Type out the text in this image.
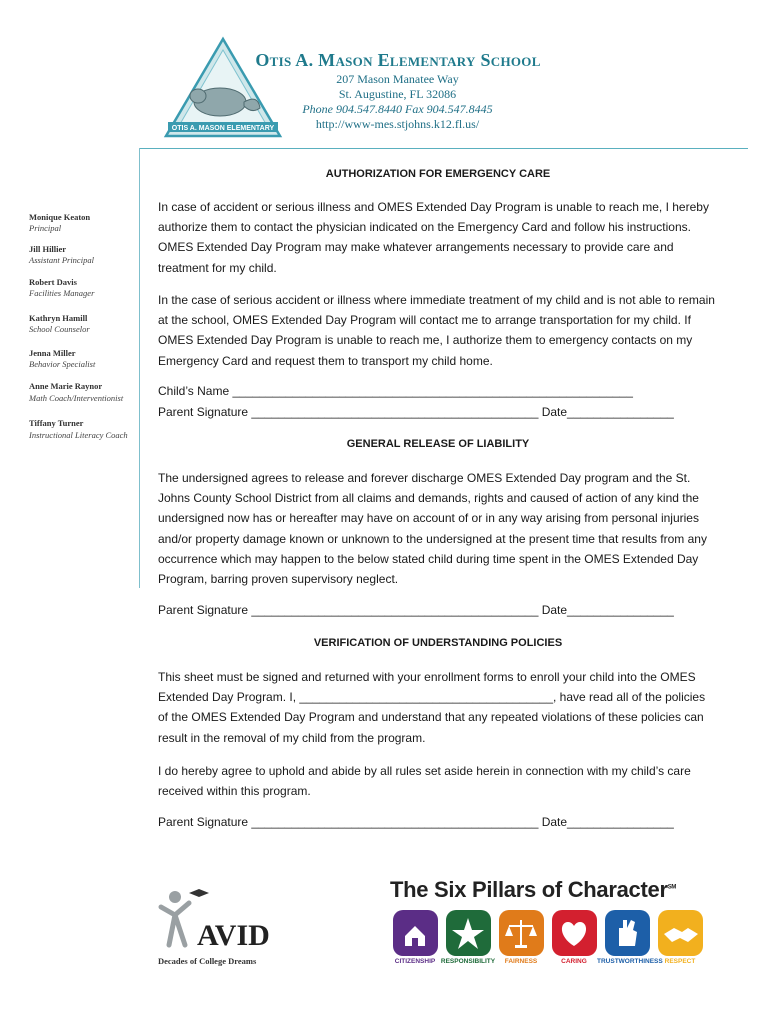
OTIS A. MASON ELEMENTARY
Otis A. Mason Elementary School
207 Mason Manatee Way
St. Augustine, FL 32086
Phone 904.547.8440 Fax 904.547.8445
http://www-mes.stjohns.k12.fl.us/
Monique Keaton
Principal
Jill Hillier
Assistant Principal
Robert Davis
Facilities Manager
Kathryn Hamill
School Counselor
Jenna Miller
Behavior Specialist
Anne Marie Raynor
Math Coach/Interventionist
Tiffany Turner
Instructional Literacy Coach
AUTHORIZATION FOR EMERGENCY CARE
In case of accident or serious illness and OMES Extended Day Program is unable to reach me, I hereby authorize them to contact the physician indicated on the Emergency Card and follow his instructions. OMES Extended Day Program may make whatever arrangements necessary to provide care and treatment for my child.
In the case of serious accident or illness where immediate treatment of my child and is not able to remain at the school, OMES Extended Day Program will contact me to arrange transportation for my child. If OMES Extended Day Program is unable to reach me, I authorize them to emergency contacts on my Emergency Card and request them to transport my child home.
Child’s Name ____________________________________________________________
Parent Signature ___________________________________________ Date________________
GENERAL RELEASE OF LIABILITY
The undersigned agrees to release and forever discharge OMES Extended Day program and the St. Johns County School District from all claims and demands, rights and caused of action of any kind the undersigned now has or hereafter may have on account of or in any way arising from personal injuries and/or property damage known or unknown to the undersigned at the present time that results from any occurrence which may happen to the below stated child during time spent in the OMES Extended Day Program, barring proven supervisory neglect.
Parent Signature ___________________________________________ Date________________
VERIFICATION OF UNDERSTANDING POLICIES
This sheet must be signed and returned with your enrollment forms to enroll your child into the OMES Extended Day Program. I, ______________________________________, have read all of the policies of the OMES Extended Day Program and understand that any repeated violations of these policies can result in the removal of my child from the program.
I do hereby agree to uphold and abide by all rules set aside herein in connection with my child’s care received within this program.
Parent Signature ___________________________________________ Date________________
AVID
Decades of College Dreams
The Six Pillars of Character℠
CITIZENSHIP RESPONSIBILITY	FAIRNESS	CARING	TRUSTWORTHINESS RESPECT
